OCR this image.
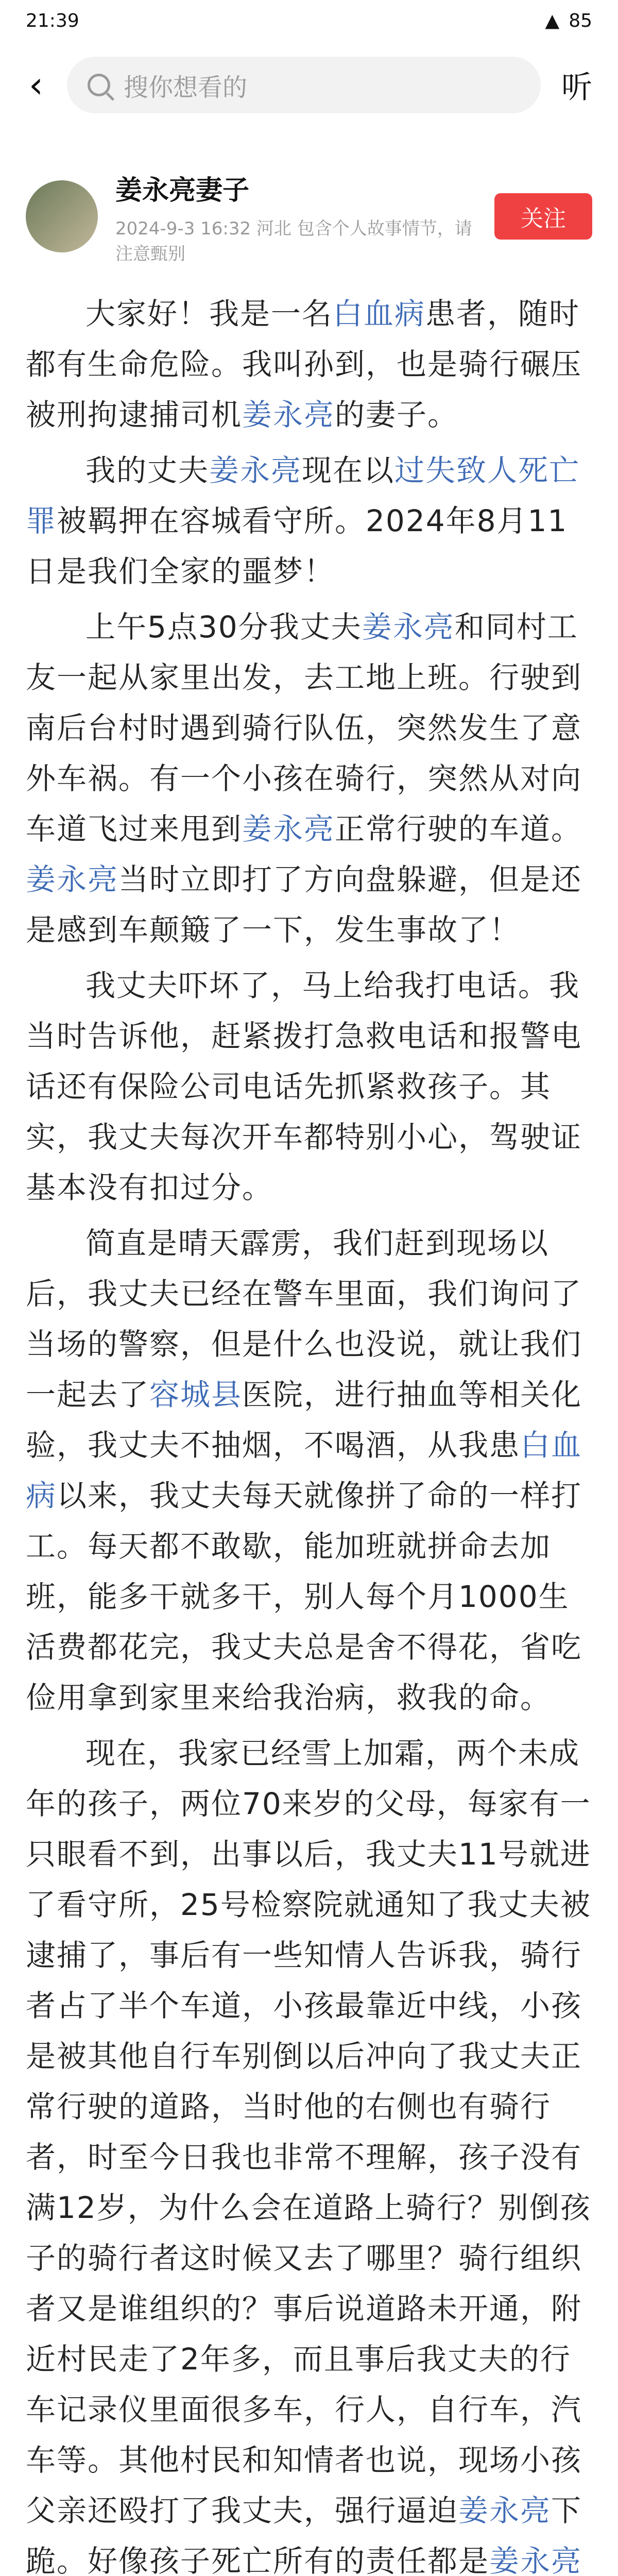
21:39	▲ 85
‹	搜你想看的	听
姜永亮妻子
2024-9-3 16:32 河北 包含个人故事情节，请注意甄别
关注

大家好！我是一名白血病患者，随时都有生命危险。我叫孙到，也是骑行碾压被刑拘逮捕司机姜永亮的妻子。

我的丈夫姜永亮现在以过失致人死亡罪被羁押在容城看守所。2024年8月11日是我们全家的噩梦！

上午5点30分我丈夫姜永亮和同村工友一起从家里出发，去工地上班。行驶到南后台村时遇到骑行队伍，突然发生了意外车祸。有一个小孩在骑行，突然从对向车道飞过来甩到姜永亮正常行驶的车道。姜永亮当时立即打了方向盘躲避，但是还是感到车颠簸了一下，发生事故了！

我丈夫吓坏了，马上给我打电话。我当时告诉他，赶紧拨打急救电话和报警电话还有保险公司电话先抓紧救孩子。其实，我丈夫每次开车都特别小心，驾驶证基本没有扣过分。

简直是晴天霹雳，我们赶到现场以后，我丈夫已经在警车里面，我们询问了当场的警察，但是什么也没说，就让我们一起去了容城县医院，进行抽血等相关化验，我丈夫不抽烟，不喝酒，从我患白血病以来，我丈夫每天就像拼了命的一样打工。每天都不敢歇，能加班就拼命去加班，能多干就多干，别人每个月1000生活费都花完，我丈夫总是舍不得花，省吃俭用拿到家里来给我治病，救我的命。

现在，我家已经雪上加霜，两个未成年的孩子，两位70来岁的父母，每家有一只眼看不到，出事以后，我丈夫11号就进了看守所，25号检察院就通知了我丈夫被逮捕了，事后有一些知情人告诉我，骑行者占了半个车道，小孩最靠近中线，小孩是被其他自行车别倒以后冲向了我丈夫正常行驶的道路，当时他的右侧也有骑行者，时至今日我也非常不理解，孩子没有满12岁，为什么会在道路上骑行？别倒孩子的骑行者这时候又去了哪里？骑行组织者又是谁组织的？事后说道路未开通，附近村民走了2年多，而且事后我丈夫的行车记录仪里面很多车，行人，自行车，汽车等。其他村民和知情者也说，现场小孩父亲还殴打了我丈夫，强行逼迫姜永亮下跪。好像孩子死亡所有的责任都是姜永亮
